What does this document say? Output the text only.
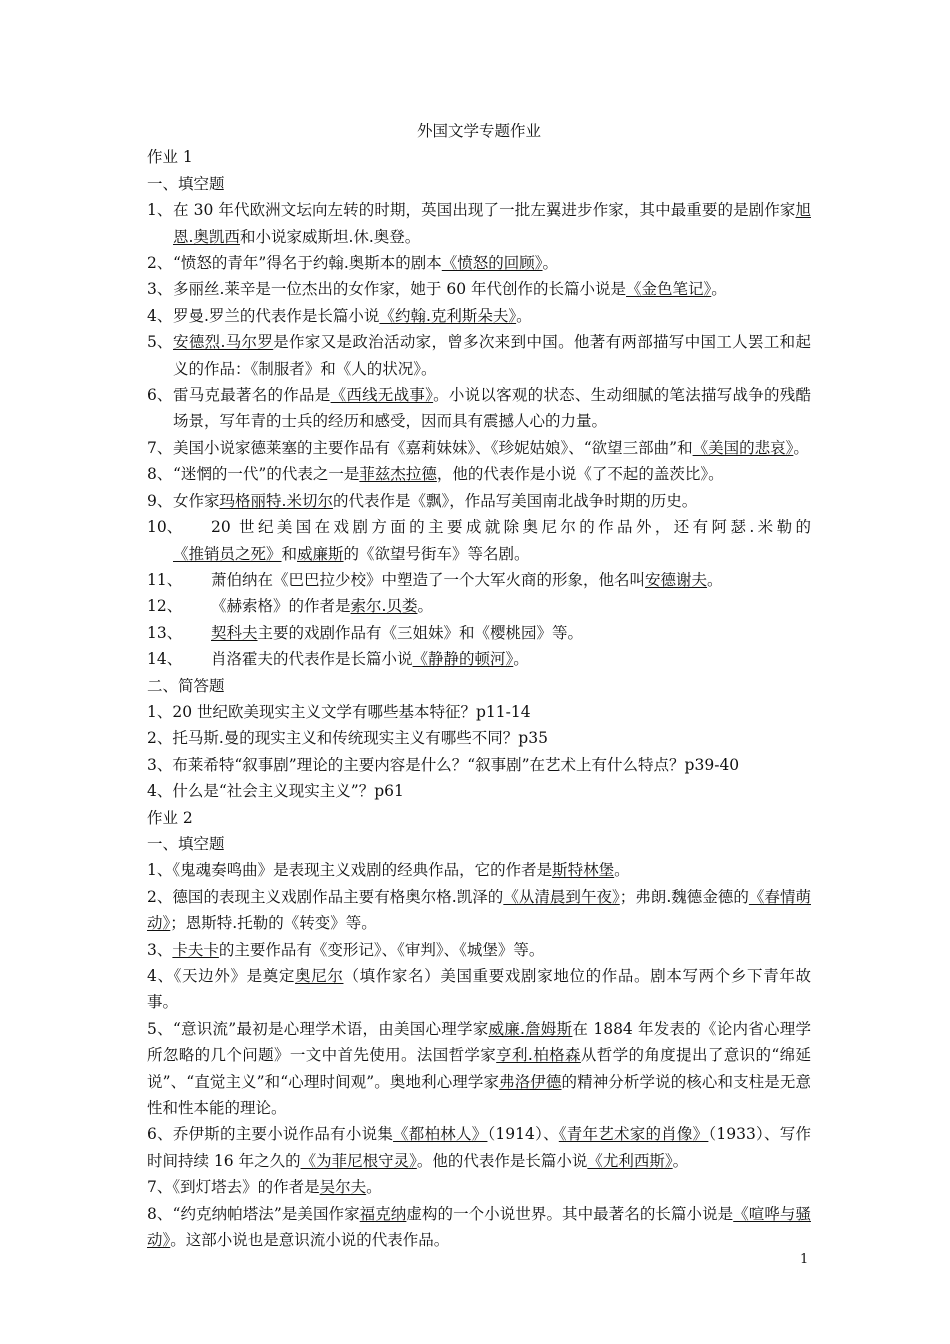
外国文学专题作业
作业 1
一、填空题
1、 在 30 年代欧洲文坛向左转的时期，英国出现了一批左翼进步作家，其中最重要的是剧作家旭恩.奥凯西和小说家威斯坦.休.奥登。
2、 “愤怒的青年”得名于约翰.奥斯本的剧本《愤怒的回顾》。
3、 多丽丝.莱辛是一位杰出的女作家，她于 60 年代创作的长篇小说是《金色笔记》。
4、 罗曼.罗兰的代表作是长篇小说《约翰.克利斯朵夫》。
5、 安德烈.马尔罗是作家又是政治活动家，曾多次来到中国。他著有两部描写中国工人罢工和起义的作品：《制服者》和《人的状况》。
6、 雷马克最著名的作品是《西线无战事》。小说以客观的状态、生动细腻的笔法描写战争的残酷场景，写年青的士兵的经历和感受，因而具有震撼人心的力量。
7、 美国小说家德莱塞的主要作品有《嘉莉妹妹》、《珍妮姑娘》、“欲望三部曲”和《美国的悲哀》。
8、 “迷惘的一代”的代表之一是菲兹杰拉德，他的代表作是小说《了不起的盖茨比》。
9、 女作家玛格丽特.米切尔的代表作是《飘》，作品写美国南北战争时期的历史。
10、	20 世纪美国在戏剧方面的主要成就除奥尼尔的作品外，还有阿瑟.米勒的《推销员之死》和威廉斯的《欲望号街车》等名剧。
11、	萧伯纳在《巴巴拉少校》中塑造了一个大军火商的形象，他名叫安德谢夫。
12、	《赫索格》的作者是索尔.贝娄。
13、	契科夫主要的戏剧作品有《三姐妹》和《樱桃园》等。
14、	肖洛霍夫的代表作是长篇小说《静静的顿河》。
二、简答题
1、20 世纪欧美现实主义文学有哪些基本特征？p11-14
2、托马斯.曼的现实主义和传统现实主义有哪些不同？p35
3、布莱希特“叙事剧”理论的主要内容是什么？“叙事剧”在艺术上有什么特点？p39-40
4、什么是“社会主义现实主义”？p61
作业 2
一、填空题
1、《鬼魂奏鸣曲》是表现主义戏剧的经典作品，它的作者是斯特林堡。
2、德国的表现主义戏剧作品主要有格奥尔格.凯泽的《从清晨到午夜》；弗朗.魏德金德的《春情萌动》；恩斯特.托勒的《转变》等。
3、卡夫卡的主要作品有《变形记》、《审判》、《城堡》等。
4、《天边外》是奠定奥尼尔（填作家名）美国重要戏剧家地位的作品。剧本写两个乡下青年故事。
5、“意识流”最初是心理学术语，由美国心理学家威廉.詹姆斯在 1884 年发表的《论内省心理学所忽略的几个问题》一文中首先使用。法国哲学家亨利.柏格森从哲学的角度提出了意识的“绵延说”、“直觉主义”和“心理时间观”。奥地利心理学家弗洛伊德的精神分析学说的核心和支柱是无意性和性本能的理论。
6、乔伊斯的主要小说作品有小说集《都柏林人》（1914）、《青年艺术家的肖像》（1933）、写作时间持续 16 年之久的《为菲尼根守灵》。他的代表作是长篇小说《尤利西斯》。
7、《到灯塔去》的作者是吴尔夫。
8、“约克纳帕塔法”是美国作家福克纳虚构的一个小说世界。其中最著名的长篇小说是《喧哗与骚动》。这部小说也是意识流小说的代表作品。
1
